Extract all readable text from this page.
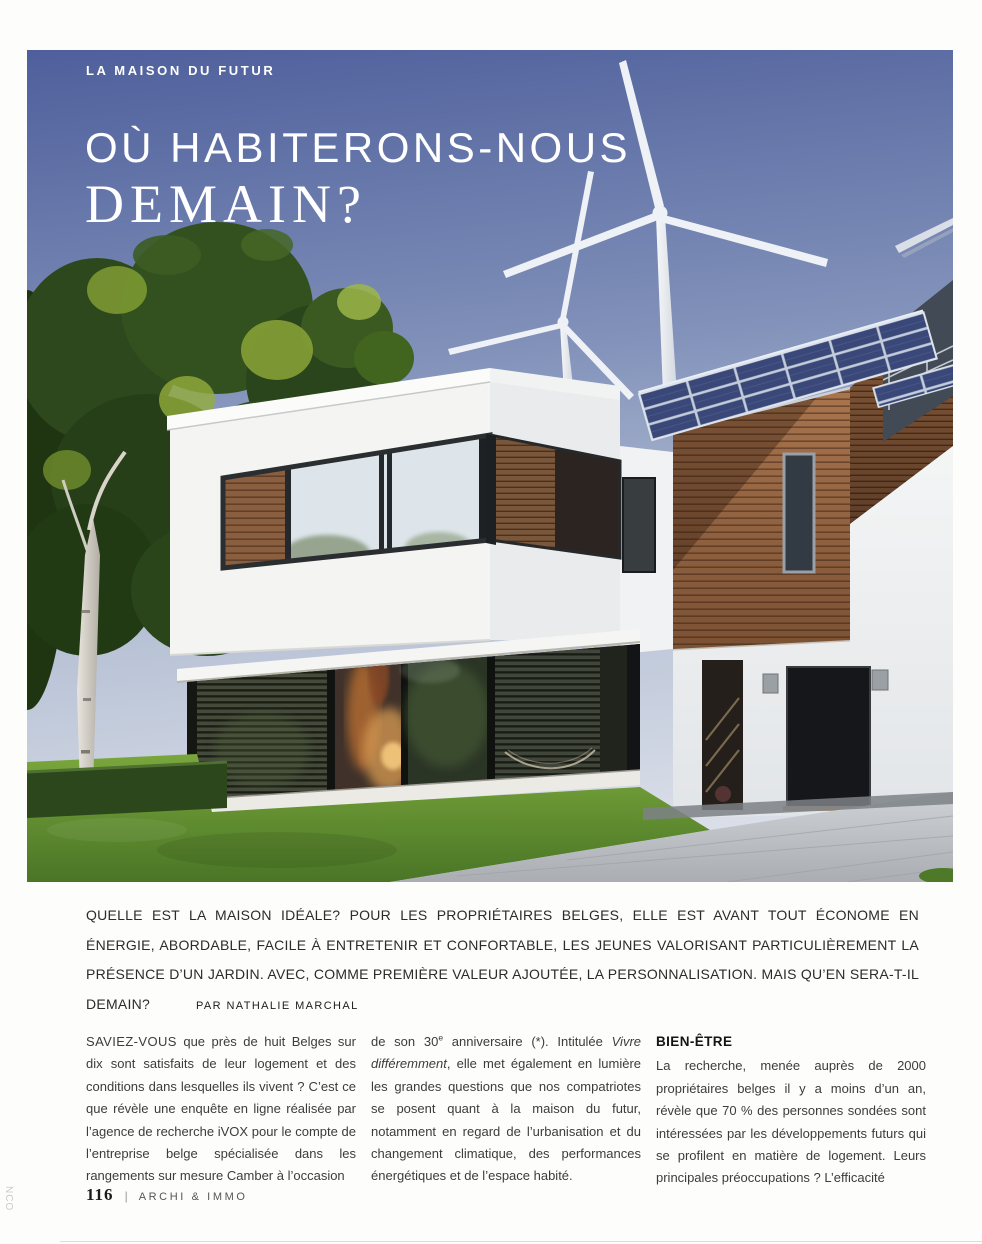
LA MAISON DU FUTUR
OÙ HABITERONS-NOUS
DEMAIN?

QUELLE EST LA MAISON IDÉALE? POUR LES PROPRIÉTAIRES BELGES, ELLE EST AVANT TOUT ÉCONOME EN ÉNERGIE, ABORDABLE, FACILE À ENTRETENIR ET CONFORTABLE, LES JEUNES VALORISANT PARTICULIÈREMENT LA PRÉSENCE D’UN JARDIN. AVEC, COMME PREMIÈRE VALEUR AJOUTÉE, LA PERSONNALISATION. MAIS QU’EN SERA-T-IL DEMAIN?	PAR NATHALIE MARCHAL

SAVIEZ-VOUS que près de huit Belges sur dix sont satisfaits de leur logement et des conditions dans lesquelles ils vivent ? C’est ce que révèle une enquête en ligne réalisée par l’agence de recherche iVOX pour le compte de l’entreprise belge spécialisée dans les rangements sur mesure Camber à l’occasion

de son 30e anniversaire (*). Intitulée Vivre différemment, elle met également en lumière les grandes questions que nos compatriotes se posent quant à la maison du futur, notamment en regard de l’urbanisation et du changement climatique, des performances énergétiques et de l’espace habité.

BIEN-ÊTRE

La recherche, menée auprès de 2000 propriétaires belges il y a moins d’un an, révèle que 70 % des personnes sondées sont intéressées par les développements futurs qui se profilent en matière de logement. Leurs principales préoccupations ? L’efficacité

116 | ARCHI & IMMO
NCO
